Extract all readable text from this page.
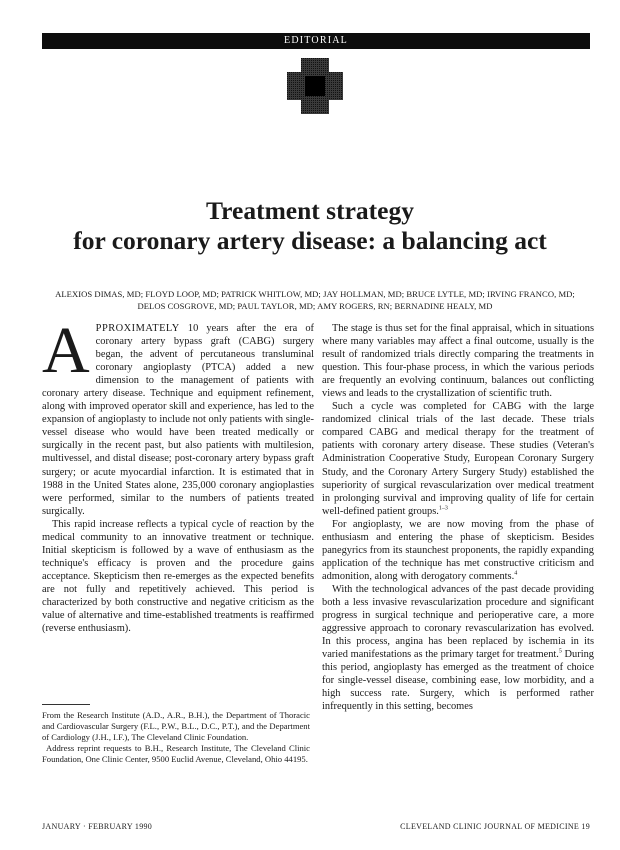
EDITORIAL
Treatment strategy
for coronary artery disease: a balancing act

ALEXIOS DIMAS, MD; FLOYD LOOP, MD; PATRICK WHITLOW, MD; JAY HOLLMAN, MD; BRUCE LYTLE, MD; IRVING FRANCO, MD;
DELOS COSGROVE, MD; PAUL TAYLOR, MD; AMY ROGERS, RN; BERNADINE HEALY, MD

APPROXIMATELY 10 years after the era of coronary artery bypass graft (CABG) surgery began, the advent of percutaneous transluminal coronary angioplasty (PTCA) added a new dimension to the management of patients with coronary artery disease. Technique and equipment refinement, along with improved operator skill and experience, has led to the expansion of angioplasty to include not only patients with single-vessel disease who would have been treated medically or surgically in the recent past, but also patients with multilesion, multivessel, and distal disease; post-coronary artery bypass graft surgery; or acute myocardial infarction. It is estimated that in 1988 in the United States alone, 235,000 coronary angioplasties were performed, similar to the numbers of patients treated surgically.

This rapid increase reflects a typical cycle of reaction by the medical community to an innovative treatment or technique. Initial skepticism is followed by a wave of enthusiasm as the technique's efficacy is proven and the procedure gains acceptance. Skepticism then re-emerges as the expected benefits are not fully and repetitively achieved. This period is characterized by both constructive and negative criticism as the value of alternative and time-established treatments is reaffirmed (reverse enthusiasm).

From the Research Institute (A.D., A.R., B.H.), the Department of Thoracic and Cardiovascular Surgery (F.L., P.W., B.L., D.C., P.T.), and the Department of Cardiology (J.H., I.F.), The Cleveland Clinic Foundation.

Address reprint requests to B.H., Research Institute, The Cleveland Clinic Foundation, One Clinic Center, 9500 Euclid Avenue, Cleveland, Ohio 44195.

The stage is thus set for the final appraisal, which in situations where many variables may affect a final outcome, usually is the result of randomized trials directly comparing the treatments in question. This four-phase process, in which the various periods are frequently an evolving continuum, balances out conflicting views and leads to the crystallization of scientific truth.

Such a cycle was completed for CABG with the large randomized clinical trials of the last decade. These trials compared CABG and medical therapy for the treatment of patients with coronary artery disease. These studies (Veteran's Administration Cooperative Study, European Coronary Surgery Study, and the Coronary Artery Surgery Study) established the superiority of surgical revascularization over medical treatment in prolonging survival and improving quality of life for certain well-defined patient groups.$^{1-3}$

For angioplasty, we are now moving from the phase of enthusiasm and entering the phase of skepticism. Besides panegyrics from its staunchest proponents, the rapidly expanding application of the technique has met constructive criticism and admonition, along with derogatory comments.$^4$

With the technological advances of the past decade providing both a less invasive revascularization procedure and significant progress in surgical technique and perioperative care, a more aggressive approach to coronary revascularization has evolved. In this process, angina has been replaced by ischemia in its varied manifestations as the primary target for treatment.$^5$ During this period, angioplasty has emerged as the treatment of choice for single-vessel disease, combining ease, low morbidity, and a high success rate. Surgery, which is performed rather infrequently in this setting, becomes

JANUARY · FEBRUARY 1990	CLEVELAND CLINIC JOURNAL OF MEDICINE 19
